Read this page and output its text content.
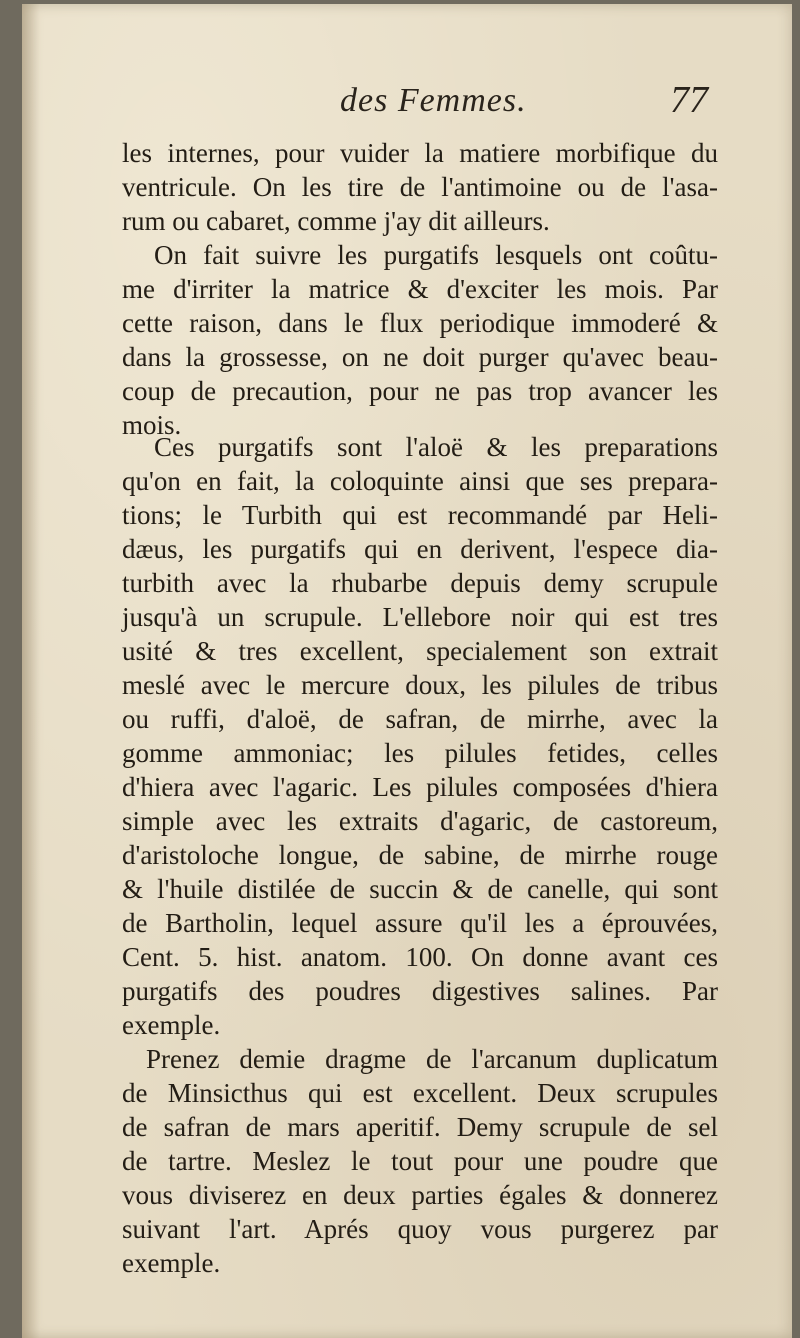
des Femmes.	77
les internes, pour vuider la matiere morbifique du
ventricule. On les tire de l'antimoine ou de l'asa-
rum ou cabaret, comme j'ay dit ailleurs.
On fait suivre les purgatifs lesquels ont coûtu-
me d'irriter la matrice & d'exciter les mois. Par
cette raison, dans le flux periodique immoderé &
dans la grossesse, on ne doit purger qu'avec beau-
coup de precaution, pour ne pas trop avancer les
mois.
Ces purgatifs sont l'aloë & les preparations
qu'on en fait, la coloquinte ainsi que ses prepara-
tions; le Turbith qui est recommandé par Heli-
dæus, les purgatifs qui en derivent, l'espece dia-
turbith avec la rhubarbe depuis demy scrupule
jusqu'à un scrupule. L'ellebore noir qui est tres
usité & tres excellent, specialement son extrait
meslé avec le mercure doux, les pilules de tribus
ou ruffi, d'aloë, de safran, de mirrhe, avec la
gomme ammoniac; les pilules fetides, celles
d'hiera avec l'agaric. Les pilules composées d'hiera
simple avec les extraits d'agaric, de castoreum,
d'aristoloche longue, de sabine, de mirrhe rouge
& l'huile distilée de succin & de canelle, qui sont
de Bartholin, lequel assure qu'il les a éprouvées,
Cent. 5. hist. anatom. 100. On donne avant ces
purgatifs des poudres digestives salines. Par
exemple.
Prenez demie dragme de l'arcanum duplicatum
de Minsicthus qui est excellent. Deux scrupules
de safran de mars aperitif. Demy scrupule de sel
de tartre. Meslez le tout pour une poudre que
vous diviserez en deux parties égales & donnerez
suivant l'art. Aprés quoy vous purgerez par
exemple.
